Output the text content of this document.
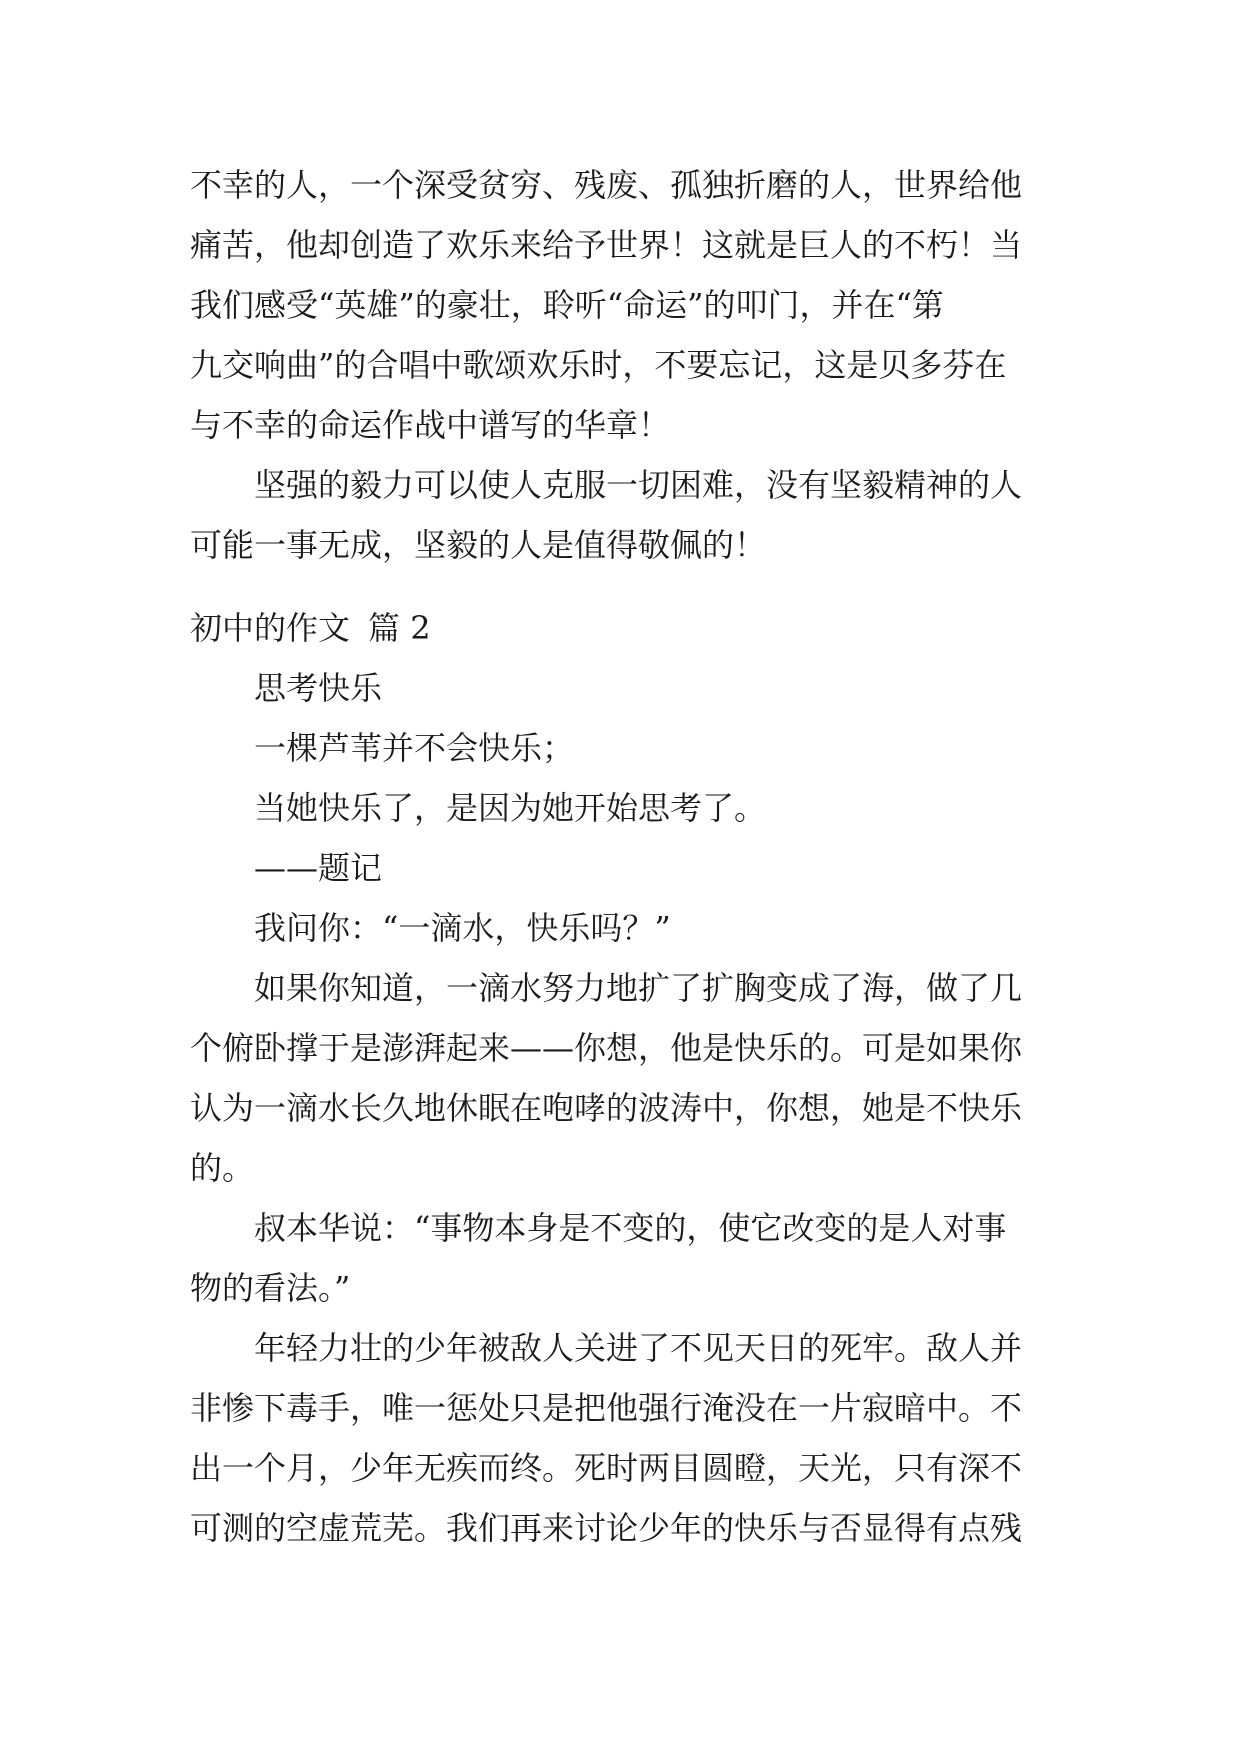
不幸的人，一个深受贫穷、残废、孤独折磨的人，世界给他
痛苦，他却创造了欢乐来给予世界！这就是巨人的不朽！当
我们感受“英雄”的豪壮，聆听“命运”的叩门，并在“第
九交响曲”的合唱中歌颂欢乐时，不要忘记，这是贝多芬在
与不幸的命运作战中谱写的华章！
坚强的毅力可以使人克服一切困难，没有坚毅精神的人
可能一事无成，坚毅的人是值得敬佩的！
初中的作文 篇 2
思考快乐
一棵芦苇并不会快乐；
当她快乐了，是因为她开始思考了。
——题记
我问你：“一滴水，快乐吗？”
如果你知道，一滴水努力地扩了扩胸变成了海，做了几
个俯卧撑于是澎湃起来——你想，他是快乐的。可是如果你
认为一滴水长久地休眠在咆哮的波涛中，你想，她是不快乐
的。
叔本华说：“事物本身是不变的，使它改变的是人对事
物的看法。”
年轻力壮的少年被敌人关进了不见天日的死牢。敌人并
非惨下毒手，唯一惩处只是把他强行淹没在一片寂暗中。不
出一个月，少年无疾而终。死时两目圆瞪，天光，只有深不
可测的空虚荒芜。我们再来讨论少年的快乐与否显得有点残
